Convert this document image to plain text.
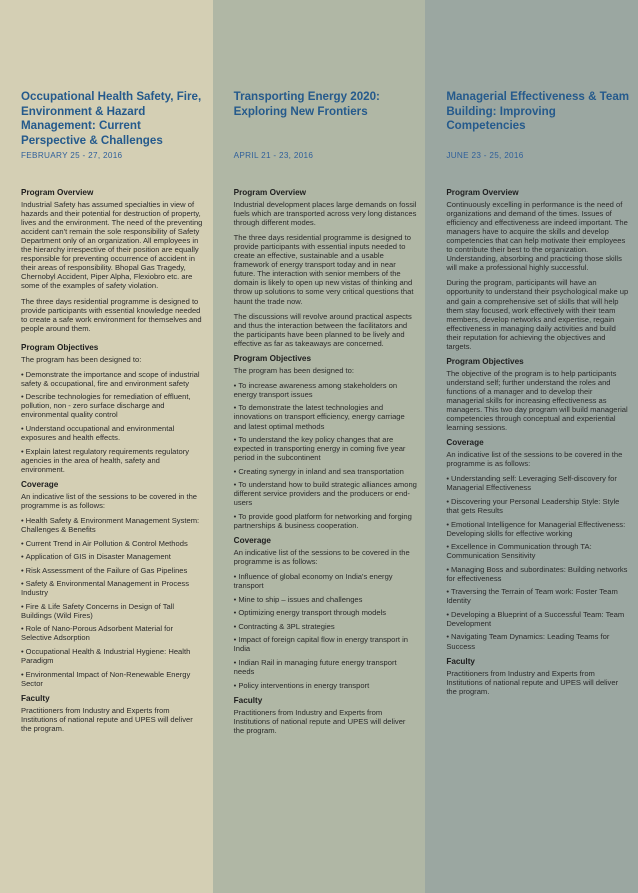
Occupational Health Safety, Fire, Environment & Hazard Management: Current Perspective & Challenges
FEBRUARY 25 - 27, 2016
Program Overview

Industrial Safety has assumed specialties in view of hazards and their potential for destruction of property, lives and the environment. The need of the preventing accident can't remain the sole responsibility of Safety Department only of an organization. All employees in the hierarchy irrespective of their position are equally responsible for preventing occurrence of accident in their areas of responsibility. Bhopal Gas Tragedy, Chernobyl Accident, Piper Alpha, Flexiobro etc. are some of the examples of safety violation.

The three days residential programme is designed to provide participants with essential knowledge needed to create a safe work environment for themselves and people around them.

Program Objectives

The program has been designed to:

• Demonstrate the importance and scope of industrial safety & occupational, fire and environment safety
• Describe technologies for remediation of effluent, pollution, non - zero surface discharge and environmental quality control
• Understand occupational and environmental exposures and health effects.
• Explain latest regulatory requirements regulatory agencies in the area of health, safety and environment.
Coverage

An indicative list of the sessions to be covered in the programme is as follows:

• Health Safety & Environment Management System: Challenges & Benefits
• Current Trend in Air Pollution & Control Methods
• Application of GIS in Disaster Management
• Risk Assessment of the Failure of Gas Pipelines
• Safety & Environmental Management in Process Industry
• Fire & Life Safety Concerns in Design of Tall Buildings (Wild Fires)
• Role of Nano-Porous Adsorbent Material for Selective Adsorption
• Occupational Health & Industrial Hygiene: Health Paradigm
• Environmental Impact of Non-Renewable Energy Sector
Faculty

Practitioners from Industry and Experts from Institutions of national repute and UPES will deliver the program.

Transporting Energy 2020: Exploring New Frontiers
APRIL 21 - 23, 2016
Program Overview

Industrial development places large demands on fossil fuels which are transported across very long distances through different modes.

The three days residential programme is designed to provide participants with essential inputs needed to create an effective, sustainable and a usable framework of energy transport today and in near future. The interaction with senior members of the domain is likely to open up new vistas of thinking and throw up solutions to some very critical questions that haunt the trade now.

The discussions will revolve around practical aspects and thus the interaction between the facilitators and the participants have been planned to be lively and effective as far as takeaways are concerned.

Program Objectives

The program has been designed to:

• To increase awareness among stakeholders on energy transport issues
• To demonstrate the latest technologies and innovations on transport efficiency, energy carriage and latest optimal methods
• To understand the key policy changes that are expected in transporting energy in coming five year period in the subcontinent
• Creating synergy in inland and sea transportation
• To understand how to build strategic alliances among different service providers and the producers or end-users
• To provide good platform for networking and forging partnerships & business cooperation.
Coverage

An indicative list of the sessions to be covered in the programme is as follows:

• Influence of global economy on India's energy transport
• Mine to ship – issues and challenges
• Optimizing energy transport through models
• Contracting & 3PL strategies
• Impact of foreign capital flow in energy transport in India
• Indian Rail in managing future energy transport needs
• Policy interventions in energy transport
Faculty

Practitioners from Industry and Experts from Institutions of national repute and UPES will deliver the program.

Managerial Effectiveness & Team Building: Improving Competencies
JUNE 23 - 25, 2016
Program Overview

Continuously excelling in performance is the need of organizations and demand of the times. Issues of efficiency and effectiveness are indeed important. The managers have to acquire the skills and develop competencies that can help motivate their employees to contribute their best to the organization. Understanding, absorbing and practicing those skills will make a professional highly successful.

During the program, participants will have an opportunity to understand their psychological make up and gain a comprehensive set of skills that will help them stay focused, work effectively with their team members, develop networks and expertise, regain effectiveness in managing daily activities and build their reputation for achieving the objectives and targets.

Program Objectives

The objective of the program is to help participants understand self; further understand the roles and functions of a manager and to develop their managerial skills for increasing effectiveness as managers. This two day program will build managerial competencies through conceptual and experiential learning sessions.

Coverage

An indicative list of the sessions to be covered in the programme is as follows:

• Understanding self: Leveraging Self-discovery for Managerial Effectiveness
• Discovering your Personal Leadership Style: Style that gets Results
• Emotional Intelligence for Managerial Effectiveness: Developing skills for effective working
• Excellence in Communication through TA: Communication Sensitivity
• Managing Boss and subordinates: Building networks for effectiveness
• Traversing the Terrain of Team work: Foster Team Identity
• Developing a Blueprint of a Successful Team: Team Development
• Navigating Team Dynamics: Leading Teams for Success
Faculty

Practitioners from Industry and Experts from Institutions of national repute and UPES will deliver the program.
